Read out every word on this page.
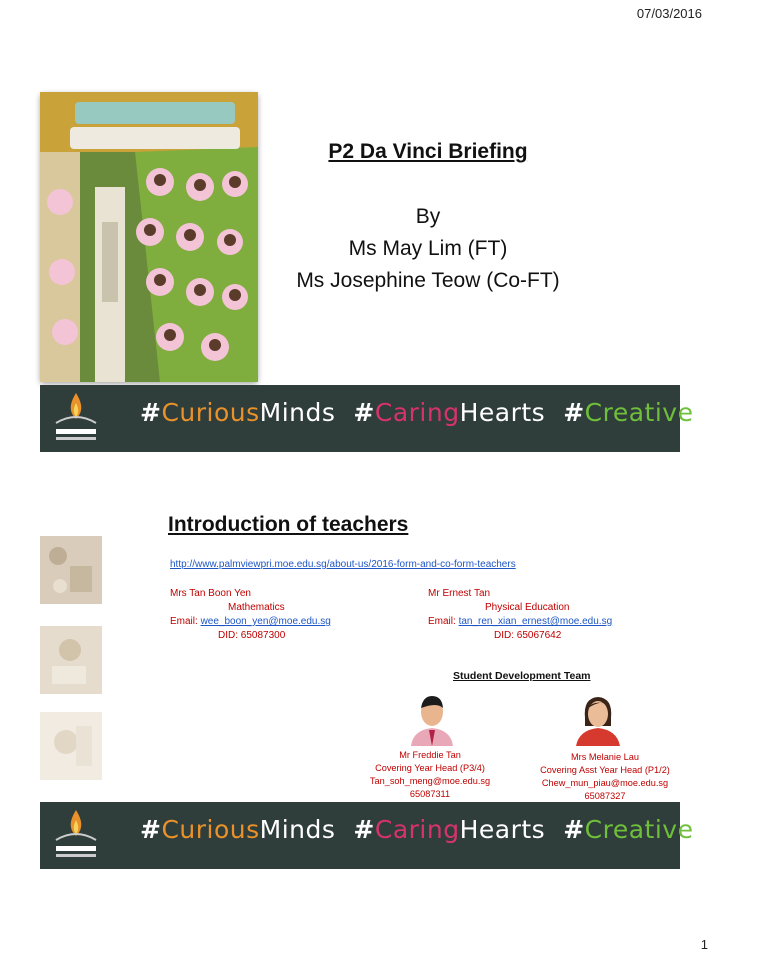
07/03/2016
P2 Da Vinci Briefing
By
Ms May Lim (FT)
Ms Josephine Teow (Co-FT)
#CuriousMinds #CaringHearts #CreativeSpirits
Introduction of teachers
http://www.palmviewpri.moe.edu.sg/about-us/2016-form-and-co-form-teachers
Mrs Tan Boon Yen
Mathematics
Email: wee_boon_yen@moe.edu.sg
DID: 65087300
Mr Ernest Tan
Physical Education
Email: tan_ren_xian_ernest@moe.edu.sg
DID: 65067642
Student Development Team
Mr Freddie Tan
Covering Year Head (P3/4)
Tan_soh_meng@moe.edu.sg
65087311
Mrs Melanie Lau
Covering Asst Year Head (P1/2)
Chew_mun_piau@moe.edu.sg
65087327
#CuriousMinds #CaringHearts #CreativeSpirits
1
